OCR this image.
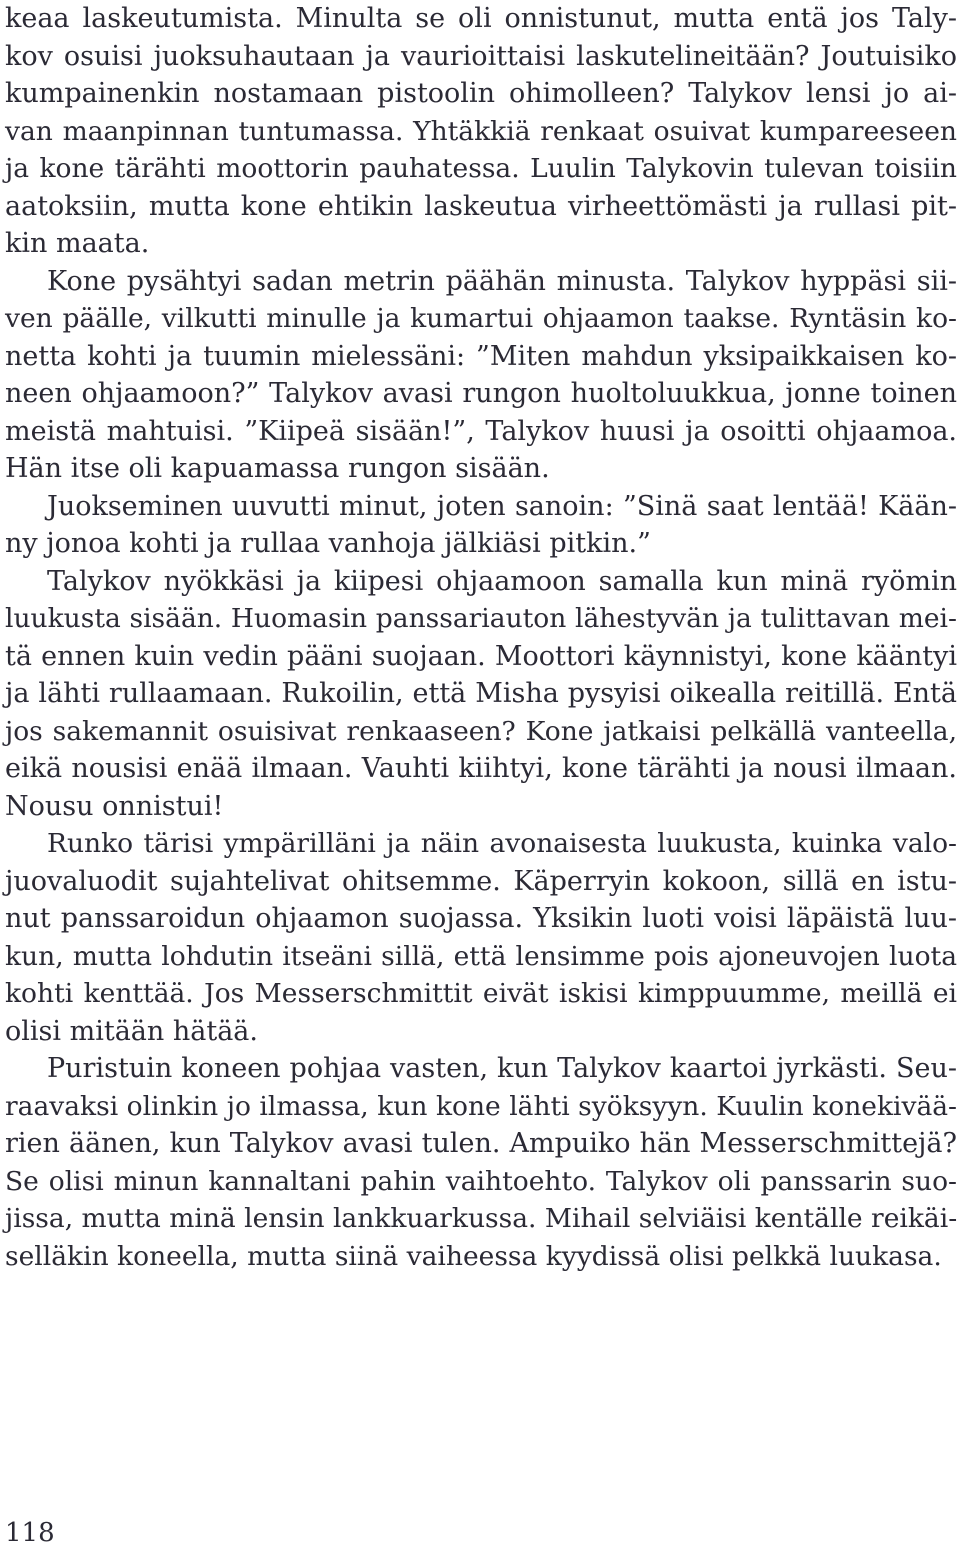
keaa laskeutumista. Minulta se oli onnistunut, mutta entä jos Taly-
kov osuisi juoksuhautaan ja vaurioittaisi laskutelineitään? Joutuisiko
kumpainenkin nostamaan pistoolin ohimolleen? Talykov lensi jo ai-
van maanpinnan tuntumassa. Yhtäkkiä renkaat osuivat kumpareeseen
ja kone tärähti moottorin pauhatessa. Luulin Talykovin tulevan toisiin
aatoksiin, mutta kone ehtikin laskeutua virheettömästi ja rullasi pit-
kin maata.
Kone pysähtyi sadan metrin päähän minusta. Talykov hyppäsi sii-
ven päälle, vilkutti minulle ja kumartui ohjaamon taakse. Ryntäsin ko-
netta kohti ja tuumin mielessäni: ”Miten mahdun yksipaikkaisen ko-
neen ohjaamoon?” Talykov avasi rungon huoltoluukkua, jonne toinen
meistä mahtuisi. ”Kiipeä sisään!”, Talykov huusi ja osoitti ohjaamoa.
Hän itse oli kapuamassa rungon sisään.
Juokseminen uuvutti minut, joten sanoin: ”Sinä saat lentää! Kään-
ny jonoa kohti ja rullaa vanhoja jälkiäsi pitkin.”
Talykov nyökkäsi ja kiipesi ohjaamoon samalla kun minä ryömin
luukusta sisään. Huomasin panssariauton lähestyvän ja tulittavan mei-
tä ennen kuin vedin pääni suojaan. Moottori käynnistyi, kone kääntyi
ja lähti rullaamaan. Rukoilin, että Misha pysyisi oikealla reitillä. Entä
jos sakemannit osuisivat renkaaseen? Kone jatkaisi pelkällä vanteella,
eikä nousisi enää ilmaan. Vauhti kiihtyi, kone tärähti ja nousi ilmaan.
Nousu onnistui!
Runko tärisi ympärilläni ja näin avonaisesta luukusta, kuinka valo-
juovaluodit sujahtelivat ohitsemme. Käperryin kokoon, sillä en istu-
nut panssaroidun ohjaamon suojassa. Yksikin luoti voisi läpäistä luu-
kun, mutta lohdutin itseäni sillä, että lensimme pois ajoneuvojen luota
kohti kenttää. Jos Messerschmittit eivät iskisi kimppuumme, meillä ei
olisi mitään hätää.
Puristuin koneen pohjaa vasten, kun Talykov kaartoi jyrkästi. Seu-
raavaksi olinkin jo ilmassa, kun kone lähti syöksyyn. Kuulin konekivää-
rien äänen, kun Talykov avasi tulen. Ampuiko hän Messerschmittejä?
Se olisi minun kannaltani pahin vaihtoehto. Talykov oli panssarin suo-
jissa, mutta minä lensin lankkuarkussa. Mihail selviäisi kentälle reikäi-
selläkin koneella, mutta siinä vaiheessa kyydissä olisi pelkkä luukasa.
118
